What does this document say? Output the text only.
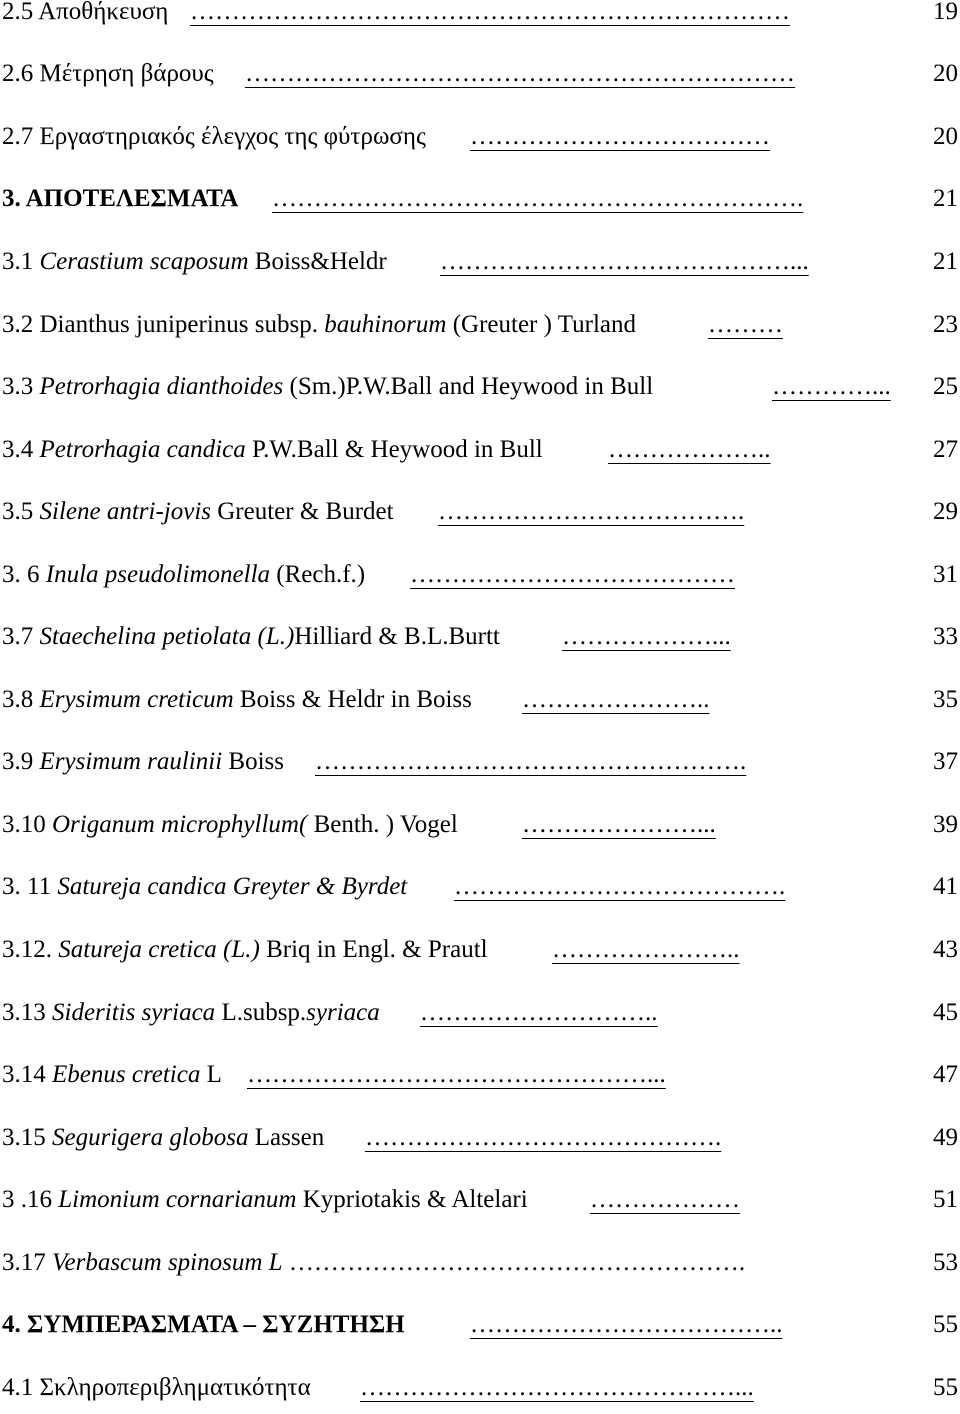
2.5 Αποθήκευση ………………………………………………………………	19
2.6 Μέτρηση βάρους …………………………………………………………	20
2.7 Εργαστηριακός έλεγχος της φύτρωσης ………………………………	20
3. ΑΠΟΤΕΛΕΣΜΑΤΑ ……………………………………………………….	21
3.1 Cerastium scaposum Boiss&Heldr ……………………………………...	21
3.2 Dianthus juniperinus subsp. bauhinorum (Greuter ) Turland	………	23
3.3 Petrorhagia dianthoides (Sm.)P.W.Ball and Heywood in Bull	…………... 25
3.4 Petrorhagia candica P.W.Ball & Heywood in Bull	………………..	27
3.5 Silene antri-jovis Greuter & Burdet ……………………………….	29
3. 6 Inula pseudolimonella (Rech.f.) …………………………………	31
3.7 Staechelina petiolata (L.)Hilliard & B.L.Burtt ………………...	33
3.8 Erysimum creticum Boiss & Heldr in Boiss …………………..	35
3.9 Erysimum raulinii Boiss …………………………………………….	37
3.10 Origanum microphyllum( Benth. ) Vogel	…………………...	39
3. 11 Satureja candica Greyter & Byrdet ………………………………….	41
3.12. Satureja cretica (L.) Briq in Engl. & Prautl	…………………..	43
3.13 Sideritis syriaca L.subsp.syriaca ………………………..	45
3.14 Ebenus cretica L …………………………………………...	47
3.15 Segurigera globosa Lassen …………………………………….	49
3 .16 Limonium cornarianum Kypriotakis & Altelari ………………	51
3.17 Verbascum spinosum L ……………………………………………….	53
4. ΣΥΜΠΕΡΑΣΜΑΤΑ – ΣΥΖΗΤΗΣΗ	………………………………..	55
4.1 Σκληροπεριβληματικότητα ………………………………………...	55
